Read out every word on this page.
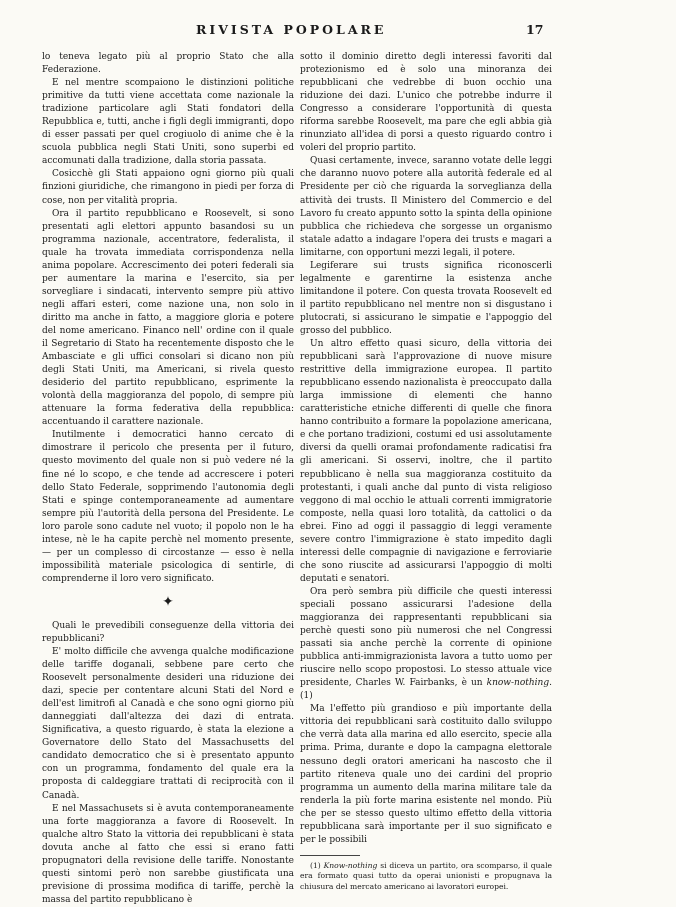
RIVISTA POPOLARE	17

lo teneva legato più al proprio Stato che alla Federazione.

E nel mentre scompaiono le distinzioni politiche primitive da tutti viene accettata come nazionale la tradizione particolare agli Stati fondatori della Repubblica e, tutti, anche i figli degli immigranti, dopo di esser passati per quel crogiuolo di anime che è la scuola pubblica negli Stati Uniti, sono superbi ed accomunati dalla tradizione, dalla storia passata.

Cosicchè gli Stati appaiono ogni giorno più quali finzioni giuridiche, che rimangono in piedi per forza di cose, non per vitalità propria.

Ora il partito repubblicano e Roosevelt, si sono presentati agli elettori appunto basandosi su un programma nazionale, accentratore, federalista, il quale ha trovata immediata corrispondenza nella anima popolare. Accrescimento dei poteri federali sia per aumentare la marina e l'esercito, sia per sorvegliare i sindacati, intervento sempre più attivo negli affari esteri, come nazione una, non solo in diritto ma anche in fatto, a maggiore gloria e potere del nome americano. Financo nell' ordine con il quale il Segretario di Stato ha recentemente disposto che le Ambasciate e gli uffici consolari si dicano non più degli Stati Uniti, ma Americani, si rivela questo desiderio del partito repubblicano, esprimente la volontà della maggioranza del popolo, di sempre più attenuare la forma federativa della repubblica: accentuando il carattere nazionale.

Inutilmente i democratici hanno cercato di dimostrare il pericolo che presenta per il futuro, questo movimento del quale non si può vedere né la fine né lo scopo, e che tende ad accrescere i poteri dello Stato Federale, sopprimendo l'autonomia degli Stati e spinge contemporaneamente ad aumentare sempre più l'autorità della persona del Presidente. Le loro parole sono cadute nel vuoto; il popolo non le ha intese, nè le ha capite perchè nel momento presente, — per un complesso di circostanze — esso è nella impossibilità materiale psicologica di sentirle, di comprenderne il loro vero significato.

✦

Quali le prevedibili conseguenze della vittoria dei repubblicani?

E' molto difficile che avvenga qualche modificazione delle tariffe doganali, sebbene pare certo che Roosevelt personalmente desideri una riduzione dei dazi, specie per contentare alcuni Stati del Nord e dell'est limitrofi al Canadà e che sono ogni giorno più danneggiati dall'altezza dei dazi di entrata. Significativa, a questo riguardo, è stata la elezione a Governatore dello Stato del Massachusetts del candidato democratico che si è presentato appunto con un programma, fondamento del quale era la proposta di caldeggiare trattati di reciprocità con il Canadà.

E nel Massachusets si è avuta contemporaneamente una forte maggioranza a favore di Roosevelt. In qualche altro Stato la vittoria dei repubblicani è stata dovuta anche al fatto che essi si erano fatti propugnatori della revisione delle tariffe. Nonostante questi sintomi però non sarebbe giustificata una previsione di prossima modifica di tariffe, perchè la massa del partito repubblicano è

sotto il dominio diretto degli interessi favoriti dal protezionismo ed è solo una minoranza dei repubblicani che vedrebbe di buon occhio una riduzione dei dazi. L'unico che potrebbe indurre il Congresso a considerare l'opportunità di questa riforma sarebbe Roosevelt, ma pare che egli abbia già rinunziato all'idea di porsi a questo riguardo contro i voleri del proprio partito.

Quasi certamente, invece, saranno votate delle leggi che daranno nuovo potere alla autorità federale ed al Presidente per ciò che riguarda la sorveglianza della attività dei trusts. Il Ministero del Commercio e del Lavoro fu creato appunto sotto la spinta della opinione pubblica che richiedeva che sorgesse un organismo statale adatto a indagare l'opera dei trusts e magari a limitarne, con opportuni mezzi legali, il potere.

Legiferare sui trusts significa riconoscerli legalmente e garentirne la esistenza anche limitandone il potere. Con questa trovata Roosevelt ed il partito repubblicano nel mentre non si disgustano i plutocrati, si assicurano le simpatie e l'appoggio del grosso del pubblico.

Un altro effetto quasi sicuro, della vittoria dei repubblicani sarà l'approvazione di nuove misure restrittive della immigrazione europea. Il partito repubblicano essendo nazionalista è preoccupato dalla larga immissione di elementi che hanno caratteristiche etniche differenti di quelle che finora hanno contribuito a formare la popolazione americana, e che portano tradizioni, costumi ed usi assolutamente diversi da quelli oramai profondamente radicatisi fra gli americani. Si osservi, inoltre, che il partito repubblicano è nella sua maggioranza costituito da protestanti, i quali anche dal punto di vista religioso veggono di mal occhio le attuali correnti immigratorie composte, nella quasi loro totalità, da cattolici o da ebrei. Fino ad oggi il passaggio di leggi veramente severe contro l'immigrazione è stato impedito dagli interessi delle compagnie di navigazione e ferroviarie che sono riuscite ad assicurarsi l'appoggio di molti deputati e senatori.

Ora però sembra più difficile che questi interessi speciali possano assicurarsi l'adesione della maggioranza dei rappresentanti repubblicani sia perchè questi sono più numerosi che nel Congressi passati sia anche perchè la corrente di opinione pubblica anti-immigrazionista lavora a tutto uomo per riuscire nello scopo propostosi. Lo stesso attuale vice presidente, Charles W. Fairbanks, è un know-nothing. (1)

Ma l'effetto più grandioso e più importante della vittoria dei repubblicani sarà costituito dallo sviluppo che verrà data alla marina ed allo esercito, specie alla prima. Prima, durante e dopo la campagna elettorale nessuno degli oratori americani ha nascosto che il partito riteneva quale uno dei cardini del proprio programma un aumento della marina militare tale da renderla la più forte marina esistente nel mondo. Più che per se stesso questo ultimo effetto della vittoria repubblicana sarà importante per il suo significato e per le possibili

(1) Know-nothing si diceva un partito, ora scomparso, il quale era formato quasi tutto da operai unionisti e propugnava la chiusura del mercato americano ai lavoratori europei.
